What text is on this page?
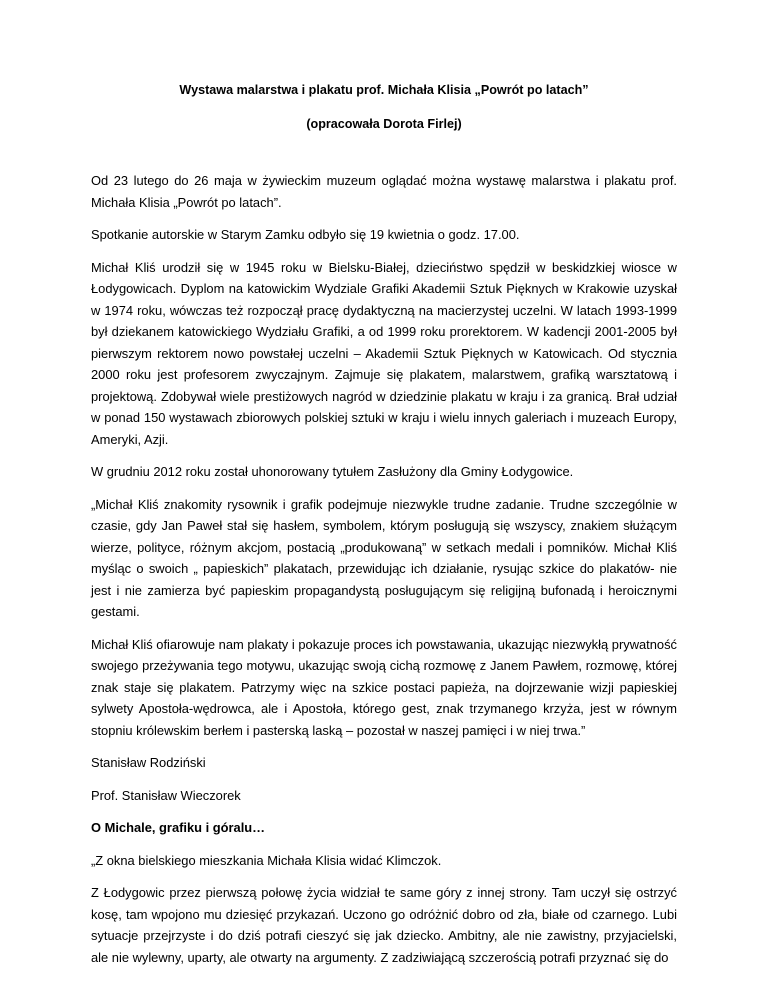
Wystawa malarstwa i plakatu prof. Michała Klisia „Powrót po latach”

(opracowała Dorota Firlej)

Od 23 lutego do 26 maja w żywieckim muzeum oglądać można wystawę malarstwa i plakatu prof. Michała Klisia „Powrót po latach”.

Spotkanie autorskie w Starym Zamku odbyło się 19 kwietnia o godz. 17.00.

Michał Kliś urodził się w 1945 roku w Bielsku-Białej, dzieciństwo spędził w beskidzkiej wiosce w Łodygowicach. Dyplom na katowickim Wydziale Grafiki Akademii Sztuk Pięknych w Krakowie uzyskał w 1974 roku, wówczas też rozpoczął pracę dydaktyczną na macierzystej uczelni. W latach 1993-1999 był dziekanem katowickiego Wydziału Grafiki, a od 1999 roku prorektorem. W kadencji 2001-2005 był pierwszym rektorem nowo powstałej uczelni – Akademii Sztuk Pięknych w Katowicach. Od stycznia 2000 roku jest profesorem zwyczajnym. Zajmuje się plakatem, malarstwem, grafiką warsztatową i projektową. Zdobywał wiele prestiżowych nagród w dziedzinie plakatu w kraju i za granicą. Brał udział w ponad 150 wystawach zbiorowych polskiej sztuki w kraju i wielu innych galeriach i muzeach Europy, Ameryki, Azji.

W grudniu 2012 roku został uhonorowany tytułem Zasłużony dla Gminy Łodygowice.

„Michał Kliś znakomity rysownik i grafik podejmuje niezwykle trudne zadanie. Trudne szczególnie w czasie, gdy Jan Paweł stał się hasłem, symbolem, którym posługują się wszyscy, znakiem służącym wierze, polityce, różnym akcjom, postacią „produkowaną” w setkach medali i pomników. Michał Kliś myśląc o swoich „ papieskich” plakatach, przewidując ich działanie, rysując szkice do plakatów- nie jest i nie zamierza być papieskim propagandystą posługującym się religijną bufonadą i heroicznymi gestami.

Michał Kliś ofiarowuje nam plakaty i pokazuje proces ich powstawania, ukazując niezwykłą prywatność swojego przeżywania tego motywu, ukazując swoją cichą rozmowę z Janem Pawłem, rozmowę, której znak staje się plakatem. Patrzymy więc na szkice postaci papieża, na dojrzewanie wizji papieskiej sylwety Apostoła-wędrowca, ale i Apostoła, którego gest, znak trzymanego krzyża, jest w równym stopniu królewskim berłem i pasterską laską – pozostał w naszej pamięci i w niej trwa.”

Stanisław Rodziński

Prof. Stanisław Wieczorek

O Michale, grafiku i góralu…

„Z okna bielskiego mieszkania Michała Klisia widać Klimczok.

Z Łodygowic przez pierwszą połowę życia widział te same góry z innej strony. Tam uczył się ostrzyć kosę, tam wpojono mu dziesięć przykazań. Uczono go odróżnić dobro od zła, białe od czarnego. Lubi sytuacje przejrzyste i do dziś potrafi cieszyć się jak dziecko. Ambitny, ale nie zawistny, przyjacielski, ale nie wylewny, uparty, ale otwarty na argumenty. Z zadziwiającą szczerością potrafi przyznać się do
